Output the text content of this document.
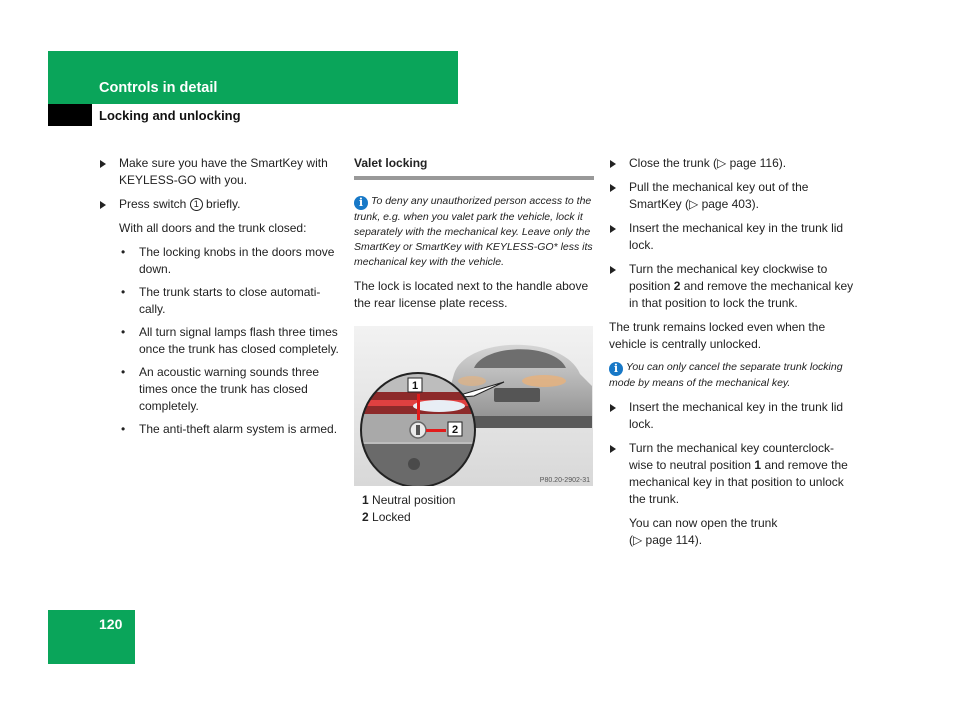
Controls in detail
Locking and unlocking
Make sure you have the SmartKey with KEYLESS-GO with you.
Press switch 1 briefly.
With all doors and the trunk closed:
• The locking knobs in the doors move down.
• The trunk starts to close automati-cally.
• All turn signal lamps flash three times once the trunk has closed completely.
• An acoustic warning sounds three times once the trunk has closed completely.
• The anti-theft alarm system is armed.
Valet locking
i To deny any unauthorized person access to the trunk, e.g. when you valet park the vehicle, lock it separately with the mechanical key. Leave only the SmartKey or SmartKey with KEYLESS-GO* less its mechanical key with the vehicle.
The lock is located next to the handle above the rear license plate recess.
1
2
P80.20-2902-31
1 Neutral position
2 Locked
Close the trunk (▷ page 116).
Pull the mechanical key out of the SmartKey (▷ page 403).
Insert the mechanical key in the trunk lid lock.
Turn the mechanical key clockwise to position 2 and remove the mechanical key in that position to lock the trunk.
The trunk remains locked even when the vehicle is centrally unlocked.
i You can only cancel the separate trunk locking mode by means of the mechanical key.
Insert the mechanical key in the trunk lid lock.
Turn the mechanical key counterclock-wise to neutral position 1 and remove the mechanical key in that position to unlock the trunk.
You can now open the trunk
(▷ page 114).
120
